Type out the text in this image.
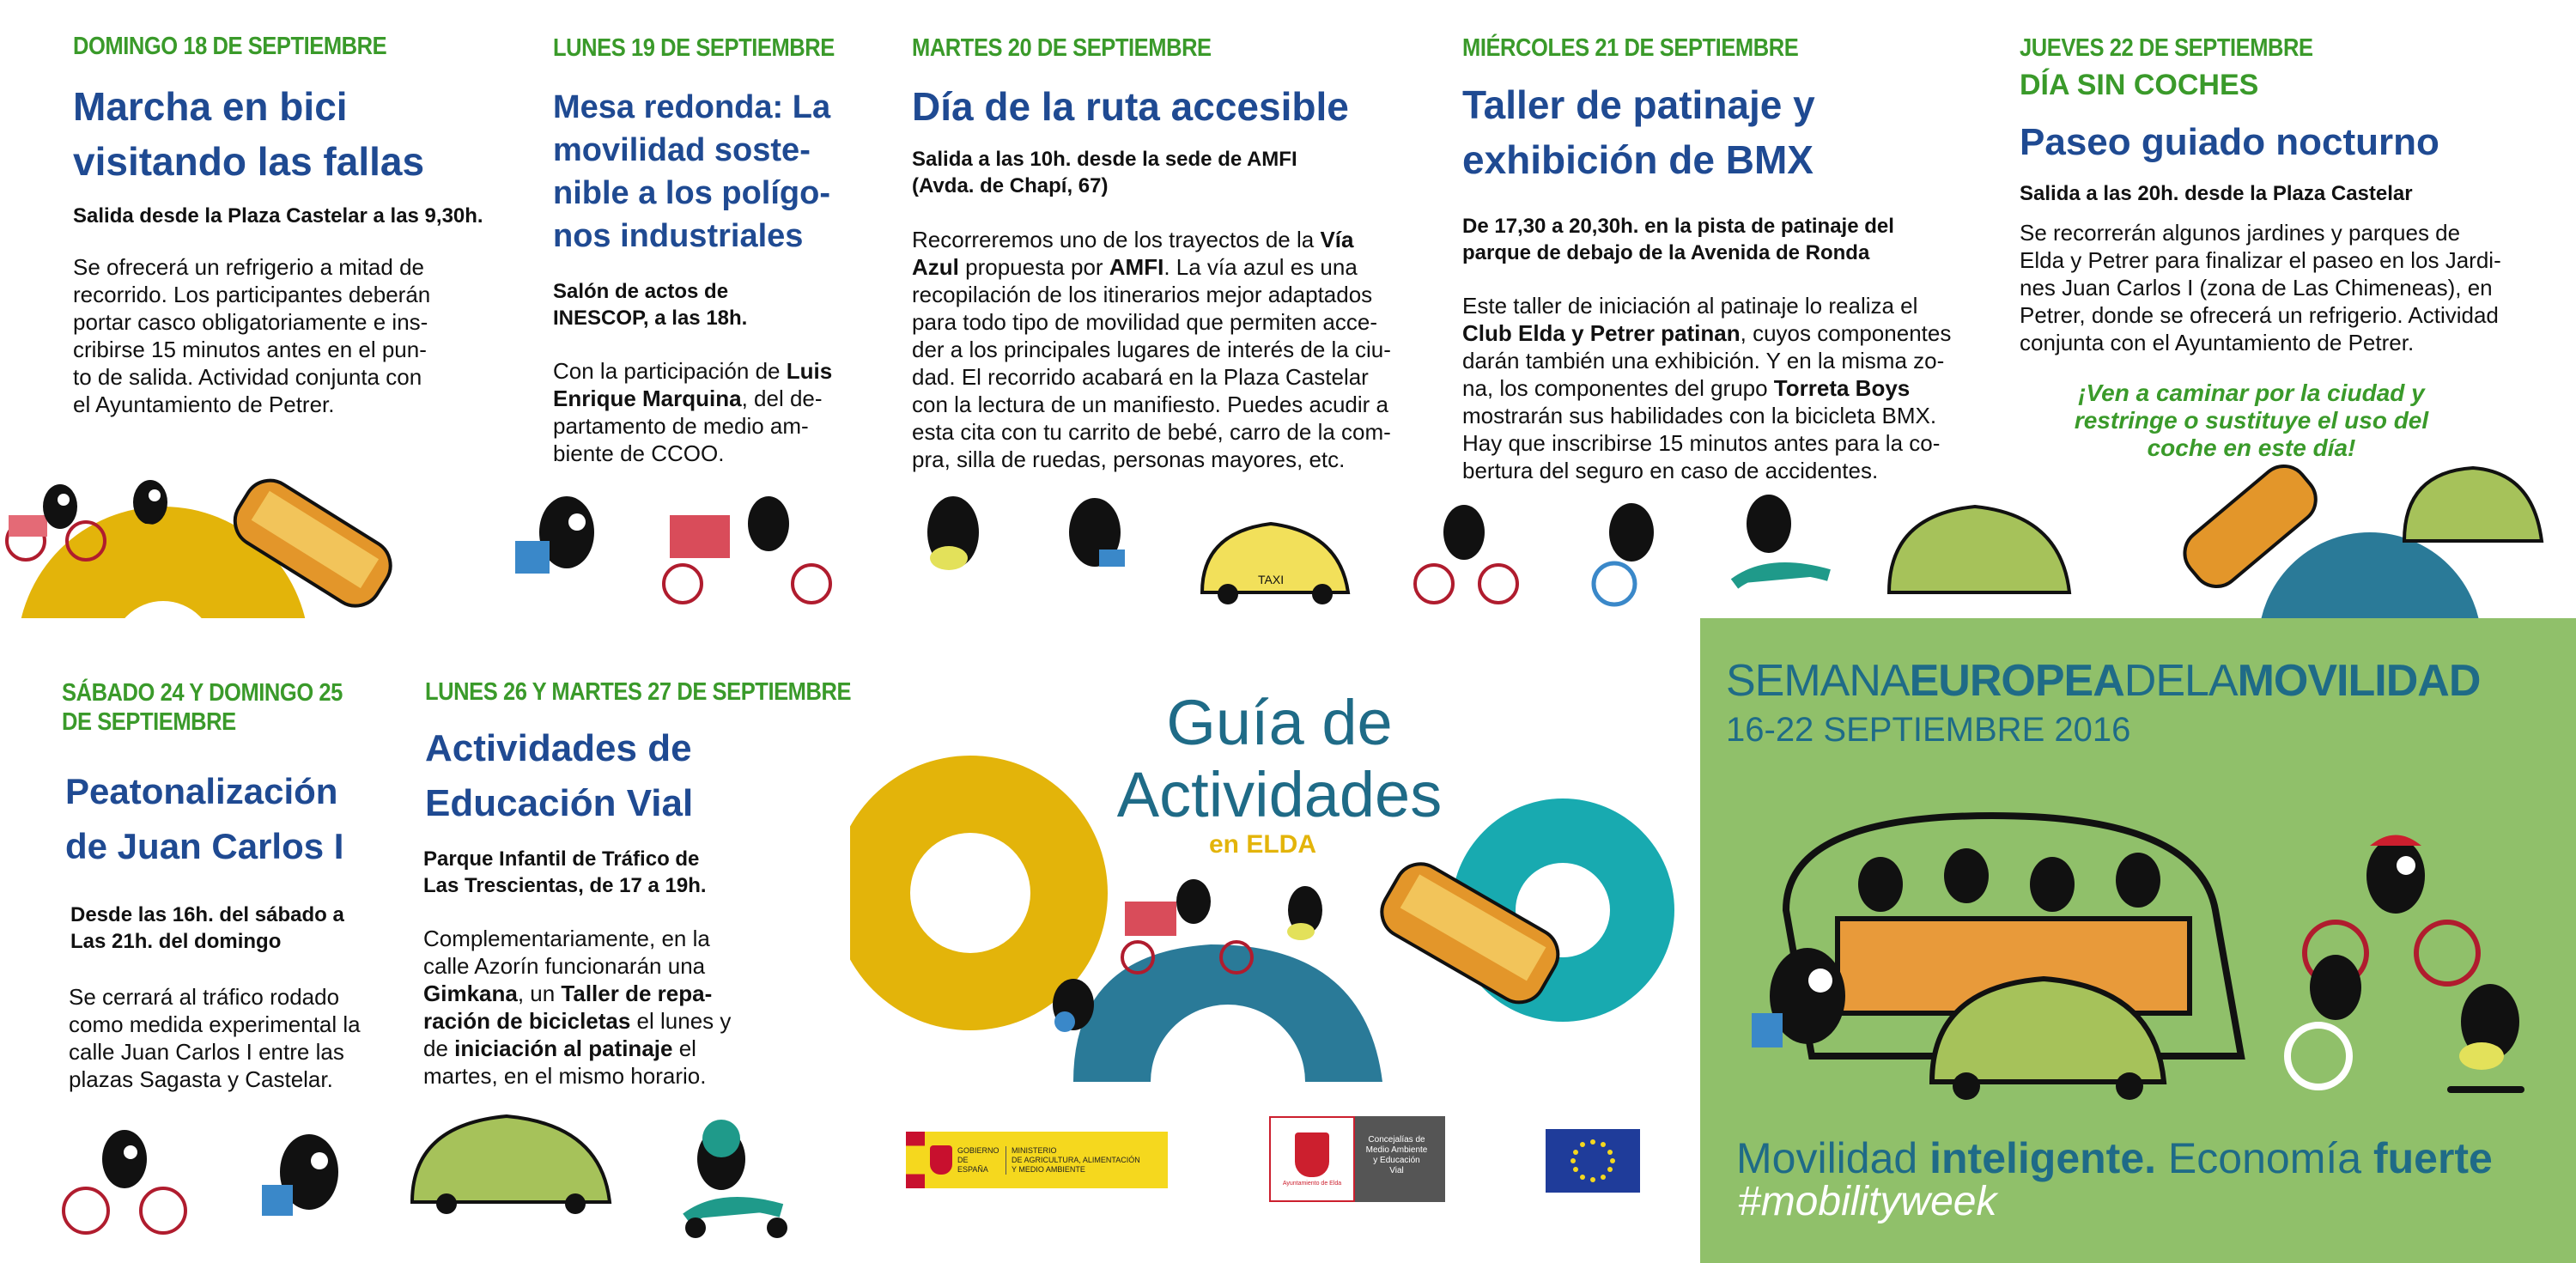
DOMINGO 18 DE SEPTIEMBRE
Marcha en bici
visitando las fallas
Salida desde la Plaza Castelar a las 9,30h.
Se ofrecerá un refrigerio a mitad de
recorrido. Los participantes deberán
portar casco obligatoriamente e ins-
cribirse 15 minutos antes en el pun-
to de salida. Actividad conjunta con
el Ayuntamiento de Petrer.
LUNES 19 DE SEPTIEMBRE
Mesa redonda: La
movilidad soste-
nible a los polígo-
nos industriales
Salón de actos de
INESCOP, a las 18h.
Con la participación de Luis
Enrique Marquina, del de-
partamento de medio am-
biente de CCOO.
MARTES 20 DE SEPTIEMBRE
Día de la ruta accesible
Salida a las 10h. desde la sede de AMFI
(Avda. de Chapí, 67)
Recorreremos uno de los trayectos de la Vía
Azul propuesta por AMFI. La vía azul es una
recopilación de los itinerarios mejor adaptados
para todo tipo de movilidad que permiten acce-
der a los principales lugares de interés de la ciu-
dad. El recorrido acabará en la Plaza Castelar
con la lectura de un manifiesto. Puedes acudir a
esta cita con tu carrito de bebé, carro de la com-
pra, silla de ruedas, personas mayores, etc.
MIÉRCOLES 21 DE SEPTIEMBRE
Taller de patinaje y
exhibición de BMX
De 17,30 a 20,30h. en la pista de patinaje del
parque de debajo de la Avenida de Ronda
Este taller de iniciación al patinaje lo realiza el
Club Elda y Petrer patinan, cuyos componentes
darán también una exhibición. Y en la misma zo-
na, los componentes del grupo Torreta Boys
mostrarán sus habilidades con la bicicleta BMX.
Hay que inscribirse 15 minutos antes para la co-
bertura del seguro en caso de accidentes.
JUEVES 22 DE SEPTIEMBRE
DÍA SIN COCHES
Paseo guiado nocturno
Salida a las 20h. desde la Plaza Castelar
Se recorrerán algunos jardines y parques de
Elda y Petrer para finalizar el paseo en los Jardi-
nes Juan Carlos I (zona de Las Chimeneas), en
Petrer, donde se ofrecerá un refrigerio. Actividad
conjunta con el Ayuntamiento de Petrer.
¡Ven a caminar por la ciudad y
restringe o sustituye el uso del
coche en este día!
TAXI
SÁBADO 24 Y DOMINGO 25
DE SEPTIEMBRE
Peatonalización
de Juan Carlos I
Desde las 16h. del sábado a
Las 21h. del domingo
Se cerrará al tráfico rodado
como medida experimental la
calle Juan Carlos I entre las
plazas Sagasta y Castelar.
LUNES 26 Y MARTES 27 DE SEPTIEMBRE
Actividades de
Educación Vial
Parque Infantil de Tráfico de
Las Trescientas, de 17 a 19h.
Complementariamente, en la
calle Azorín funcionarán una
Gimkana, un Taller de repa-
ración de bicicletas el lunes y
de iniciación al patinaje el
martes, en el mismo horario.
Guía de
Actividades
en ELDA
GOBIERNO DE ESPAÑA
MINISTERIO
DE AGRICULTURA, ALIMENTACIÓN
Y MEDIO AMBIENTE
Ayuntamiento de Elda
Concejalías de
Medio Ambiente
y Educación
Vial
SEMANAEUROPEADELAMOVILIDAD
16-22 SEPTIEMBRE 2016
Movilidad inteligente. Economía fuerte
#mobilityweek
